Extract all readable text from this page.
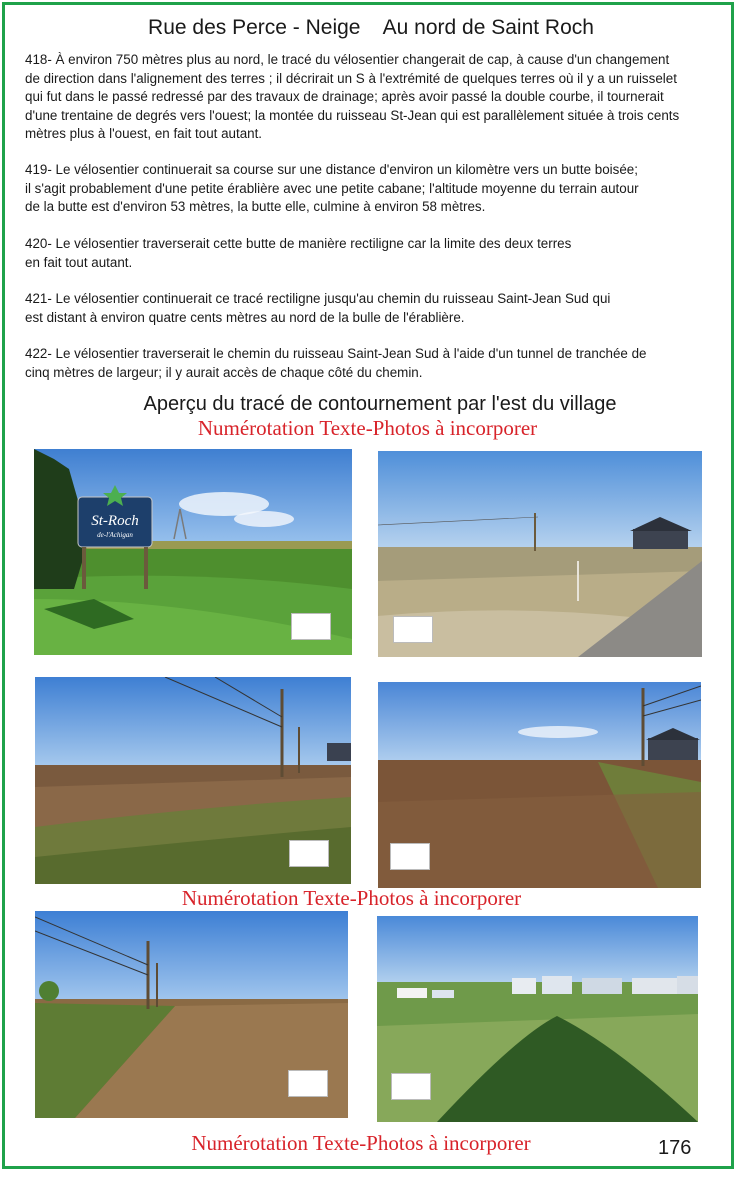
Rue des Perce - Neige    Au nord de Saint Roch
418- À environ 750 mètres plus au nord, le tracé du vélosentier changerait de cap, à cause d'un changement
de direction dans l'alignement des terres ; il décrirait un S à l'extrémité de quelques terres où il y a un ruisselet
qui fut dans le passé redressé par des travaux de drainage; après avoir passé la double courbe, il tournerait
d'une trentaine de degrés vers l'ouest; la montée du ruisseau St-Jean qui est parallèlement située à trois cents
mètres plus à l'ouest, en fait tout autant.
419- Le vélosentier continuerait sa course sur une distance d'environ un kilomètre vers un butte boisée;
il s'agit probablement d'une petite érablière avec une petite cabane; l'altitude moyenne du terrain autour
de la butte est d'environ 53 mètres, la butte elle, culmine à environ 58 mètres.
420- Le vélosentier traverserait cette butte de manière rectiligne car la limite des deux terres
en fait tout autant.
421- Le vélosentier continuerait ce tracé rectiligne jusqu'au chemin du ruisseau Saint-Jean Sud qui
est distant à environ quatre cents mètres au nord de la bulle de l'érablière.
422- Le vélosentier traverserait le chemin du ruisseau Saint-Jean Sud à l'aide d'un tunnel de tranchée de
cinq mètres de largeur; il y aurait accès de chaque côté du chemin.
Aperçu du tracé de contournement par l'est du village
Numérotation Texte-Photos à incorporer
St-Roch
de-l'Achigan
Numérotation Texte-Photos à incorporer
Numérotation Texte-Photos à incorporer	176
